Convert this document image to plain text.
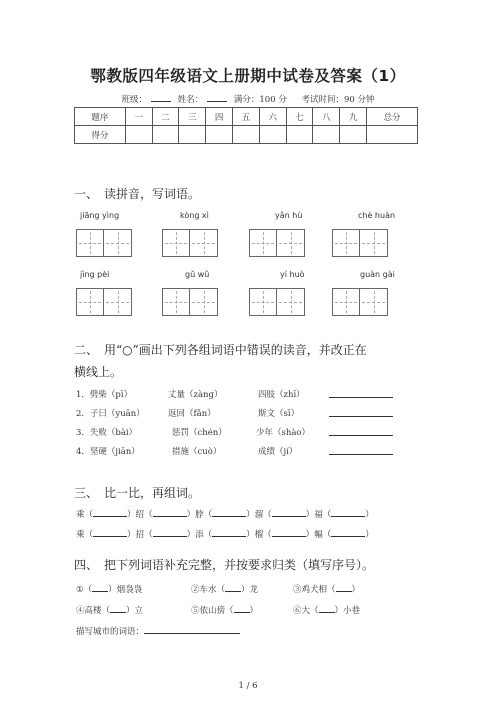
鄂教版四年级语文上册期中试卷及答案（1）
班级：	姓名：	满分：100 分 考试时间：90 分钟
题序	一	二	三	四	五	六	七	八	九	总分
得分										
一、　读拼音，写词语。
jiāng yìng	kòng xì	yǎn hù	chè huàn
jìng pèi	gǔ wǔ	yí huò	guàn gài
二、　用“○”画出下列各组词语中错误的读音，并改正在
横线上。
1．劈柴（pī）	丈量（zàng）	四肢（zhī）
2．子曰（yuān）	返回（fǎn）	斯文（sī）
3．失败（bài）	惩罚（chén）	少年（shào）
4．坚硬（jiān）	措施（cuò）	成绩（jí）
三、　比一比，再组词。
乘（	）绍（	）脖（	）溜（	）福（	）
乘（	）招（	）添（	）榴（	）幅（	）
四、　把下列词语补充完整，并按要求归类（填写序号）。
①（ ）烟袅袅	②车水（ ）龙	③鸡犬相（ ）
④高楼（ ）立	⑤依山傍（ ）	⑥大（ ）小巷
描写城市的词语：
1 / 6
